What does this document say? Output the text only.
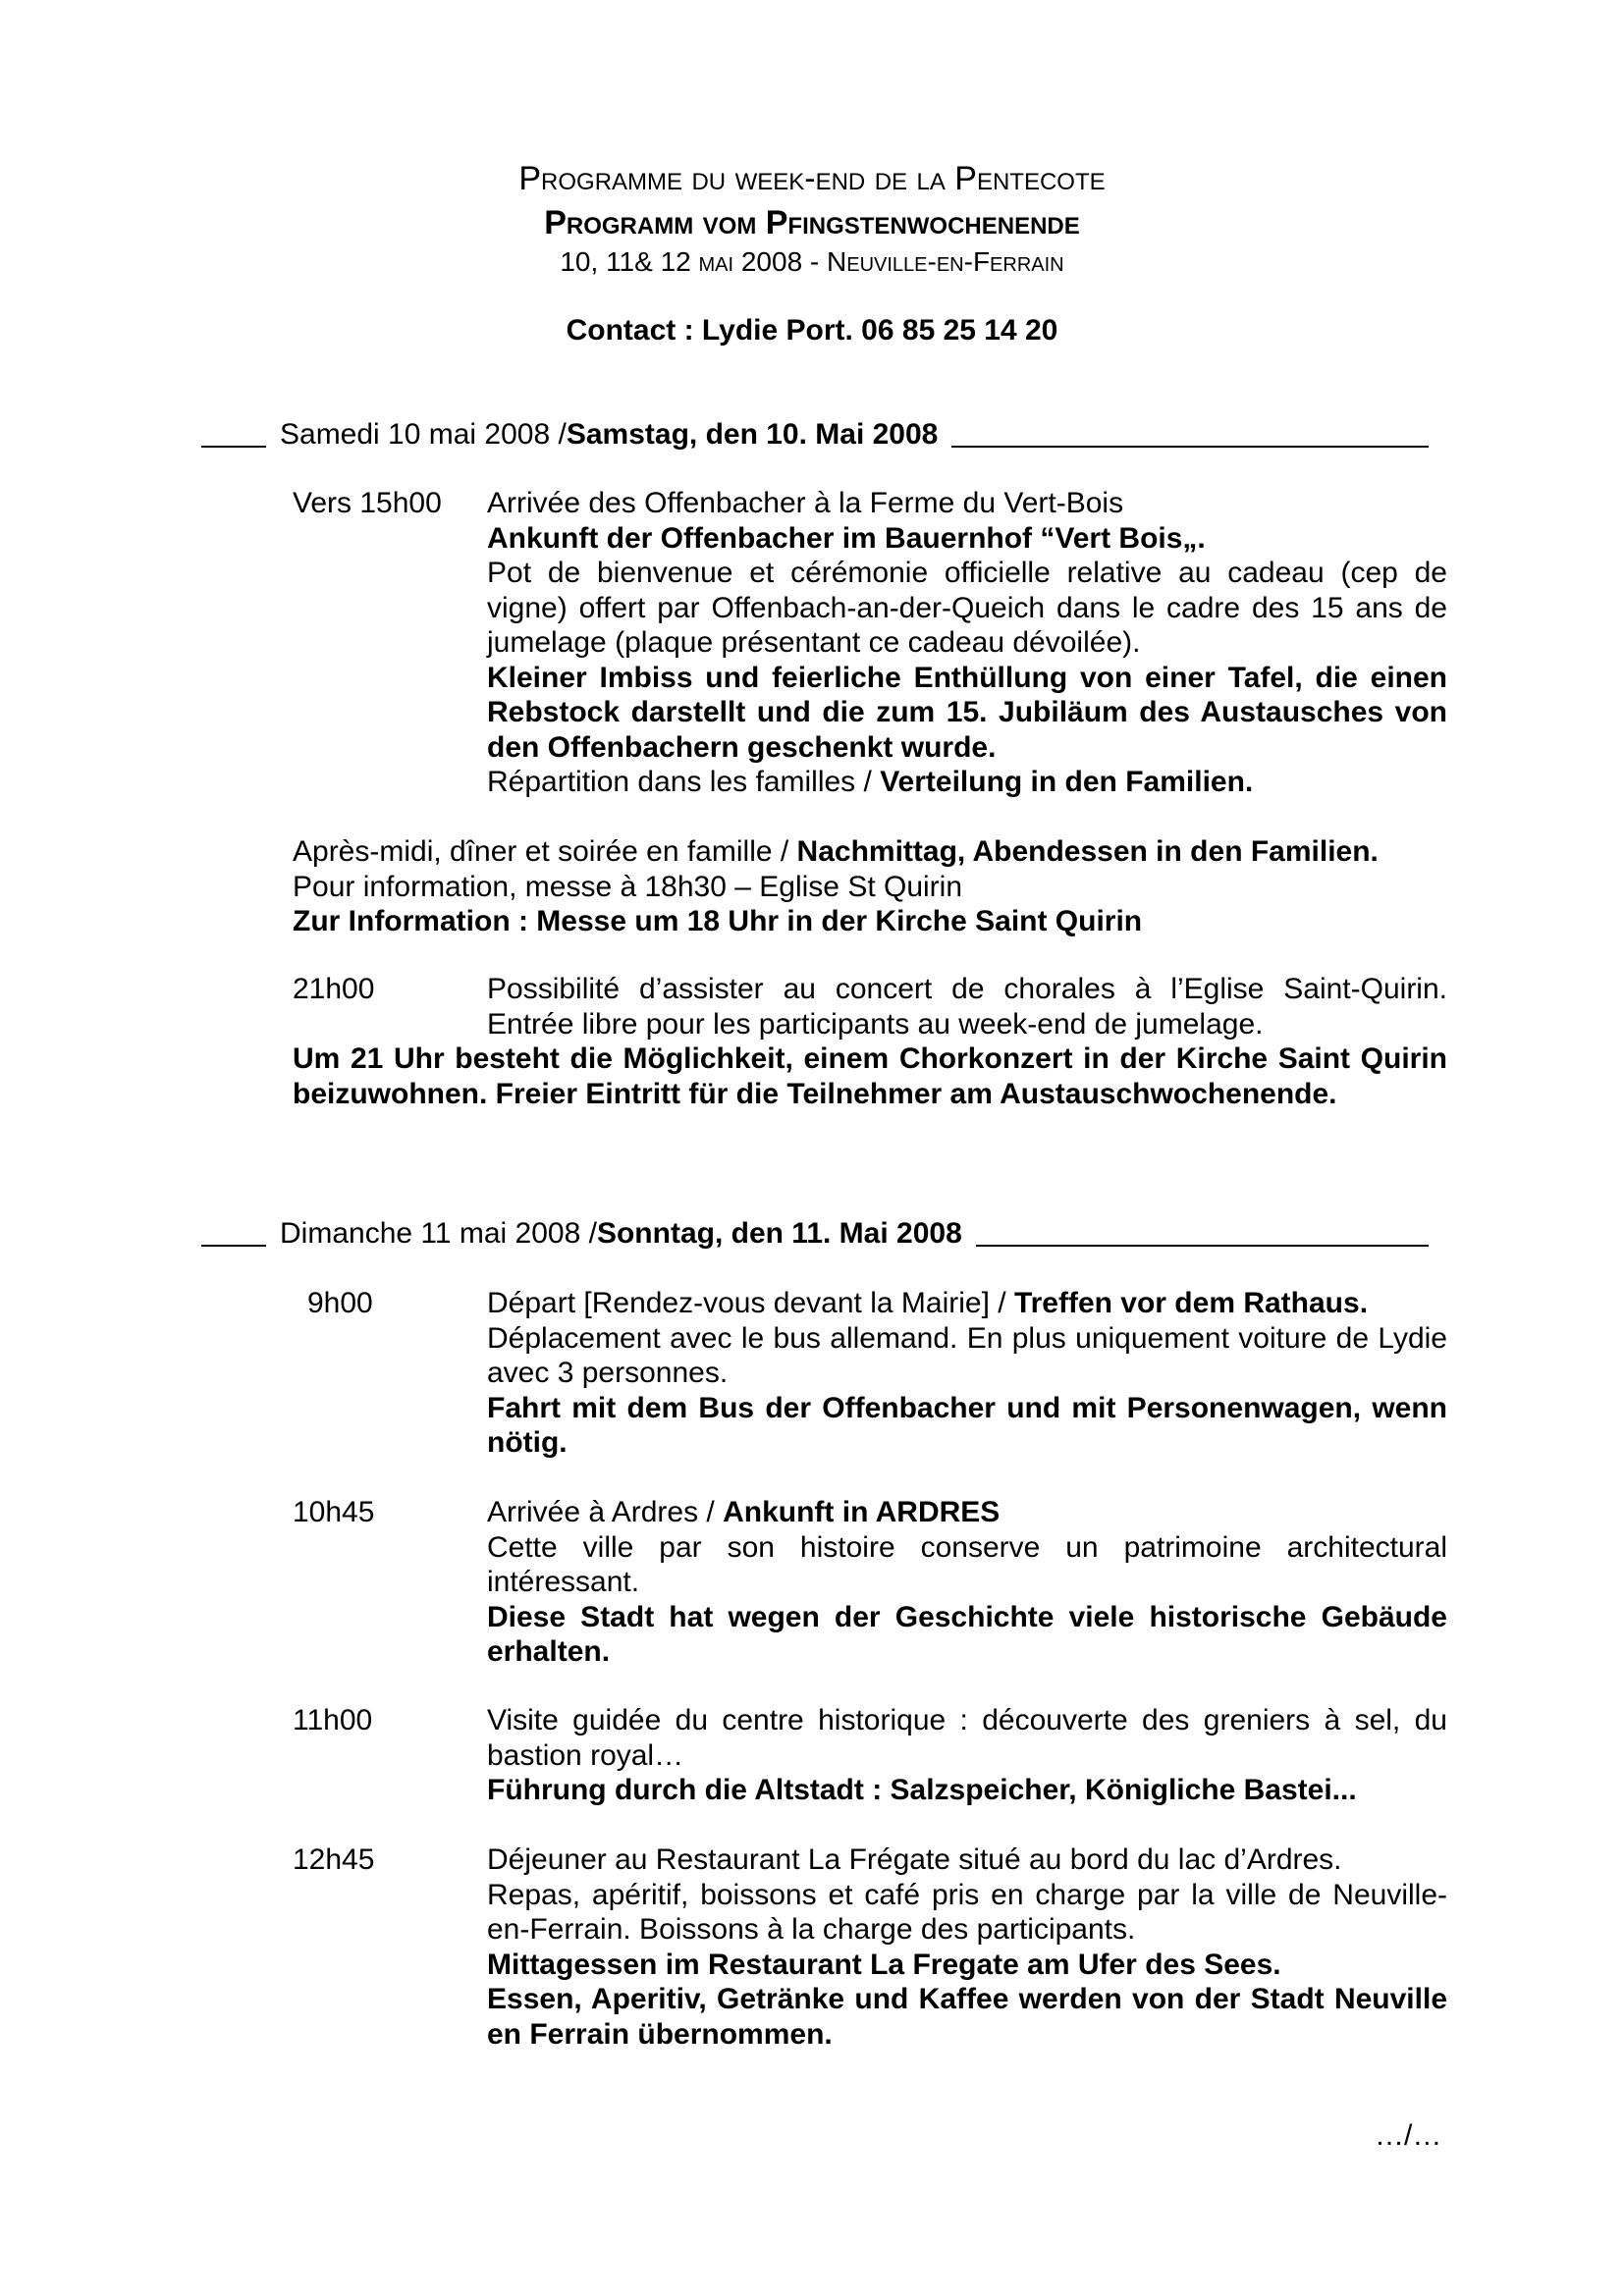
Programme du week-end de la Pentecote
Programm vom Pfingstenwochenende
10, 11& 12 mai 2008 - Neuville-en-Ferrain
Contact : Lydie Port. 06 85 25 14 20
Samedi 10 mai 2008 / Samstag, den 10. Mai 2008
Vers 15h00 Arrivée des Offenbacher à la Ferme du Vert-Bois

Ankunft der Offenbacher im Bauernhof “Vert Bois„.

Pot de bienvenue et cérémonie officielle relative au cadeau (cep de vigne) offert par Offenbach-an-der-Queich dans le cadre des 15 ans de jumelage (plaque présentant ce cadeau dévoilée).

Kleiner Imbiss und feierliche Enthüllung von einer Tafel, die einen Rebstock darstellt und die zum 15. Jubiläum des Austausches von den Offenbachern geschenkt wurde.

Répartition dans les familles / Verteilung in den Familien.

Après-midi, dîner et soirée en famille / Nachmittag, Abendessen in den Familien.

Pour information, messe à 18h30 – Eglise St Quirin

Zur Information : Messe um 18 Uhr in der Kirche Saint Quirin

21h00	Possibilité d’assister au concert de chorales à l’Eglise Saint-Quirin. Entrée libre pour les participants au week-end de jumelage.
Um 21 Uhr besteht die Möglichkeit, einem Chorkonzert in der Kirche Saint Quirin beizuwohnen. Freier Eintritt für die Teilnehmer am Austauschwochenende.
Dimanche 11 mai 2008 / Sonntag, den 11. Mai 2008
9h00	Départ [Rendez-vous devant la Mairie] / Treffen vor dem Rathaus.

Déplacement avec le bus allemand. En plus uniquement voiture de Lydie avec 3 personnes.

Fahrt mit dem Bus der Offenbacher und mit Personenwagen, wenn nötig.

10h45	Arrivée à Ardres / Ankunft in ARDRES

Cette ville par son histoire conserve un patrimoine architectural intéressant.

Diese Stadt hat wegen der Geschichte viele historische Gebäude erhalten.

11h00	Visite guidée du centre historique : découverte des greniers à sel, du bastion royal…

Führung durch die Altstadt : Salzspeicher, Königliche Bastei...

12h45	Déjeuner au Restaurant La Frégate situé au bord du lac d’Ardres.

Repas, apéritif, boissons et café pris en charge par la ville de Neuville-en-Ferrain. Boissons à la charge des participants.

Mittagessen im Restaurant La Fregate am Ufer des Sees.

Essen, Aperitiv, Getränke und Kaffee werden von der Stadt Neuville en Ferrain übernommen.

…/…
